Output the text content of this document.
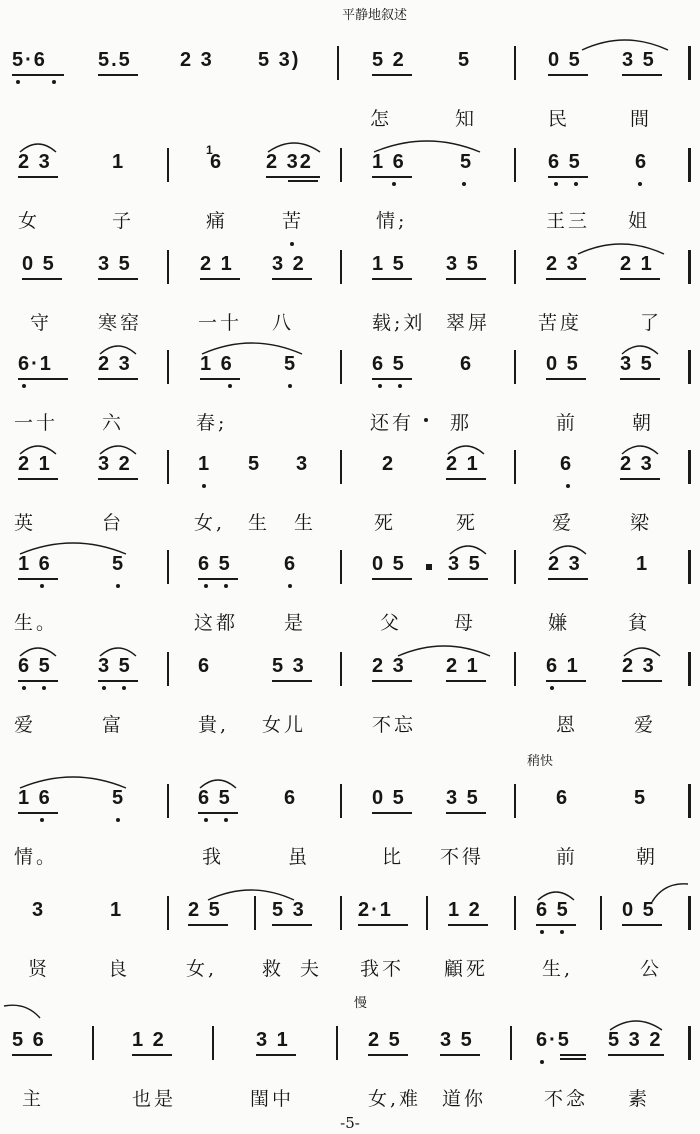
平静地叙述
稍快
慢
5·6	5.5 2 3 5 3)	5 2	5	0 5 3 5
怎	知	民	間
2 3	1
1
6 2 32	1 6	5	6 5	6
女	子	痛	苦	情;	王三 姐
0 5 3 5	2 1 3 2	1 5 3 5	2 3 2 1
守 寒窑	一十 八	载;刘 翠屏	苦度	了
6·1 2 3	1 6	5	6 5	6	0 5 3 5
一十 六	春;	还有 那	前	朝
2 1 3 2	1 5 3	2	2 1	6 2 3
英	台	女, 生 生	死	死	爱	梁
1 6	5	6 5	6	0 5 3 5	2 3	1
生。	这都 是	父	母	嫌	貧
6 5 3 5	6	5 3	2 3 2 1	6 1 2 3
爱	富	貴, 女儿	不忘	恩	爱
1 6	5	6 5	6	0 5 3 5	6	5
情。	我	虽	比 不得	前	朝
3	1	2 5	5 3	2·1	1 2	6 5	0 5
贤	良	女, 救 夫 我不 顧死	生,	公
5 6	1 2	3 1	2 5 3 5	6·5 5 3 2
主	也是	閨中	女,难 道你	不念 素
-5-
